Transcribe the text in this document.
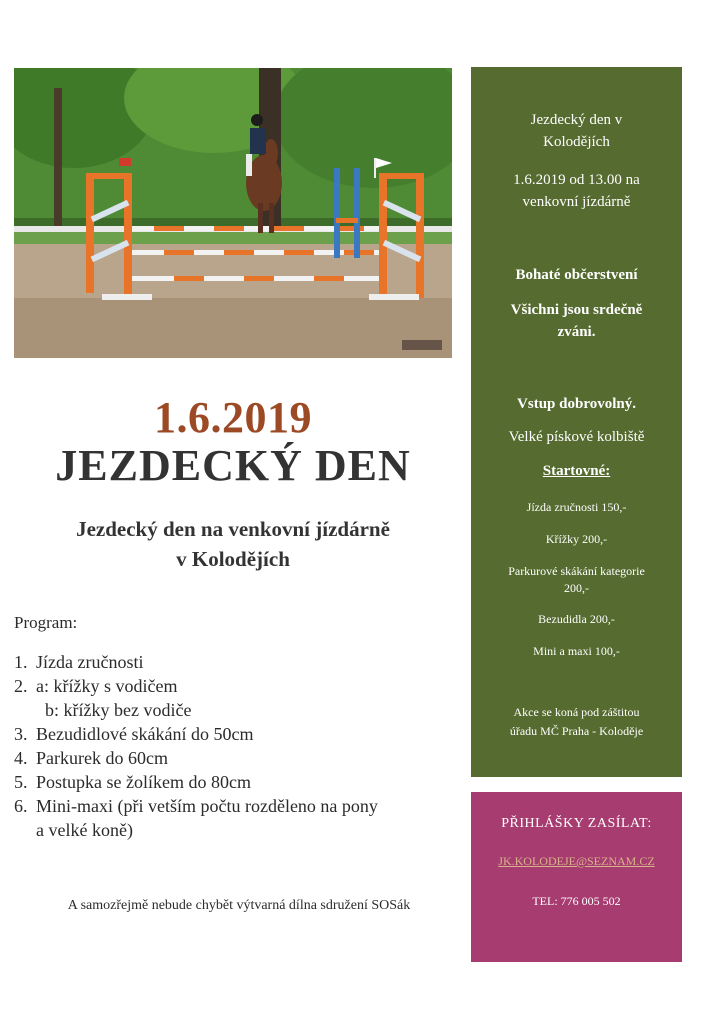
1.6.2019
JEZDECKÝ DEN
Jezdecký den na venkovní jízdárně
v Kolodějích
Program:
1. Jízda zručnosti
2. a: křížky s vodičem
b: křížky bez vodiče
3. Bezudidlové skákání do 50cm
4. Parkurek do 60cm
5. Postupka se žolíkem do 80cm
6. Mini-maxi (při vetším počtu rozděleno na pony
a velké koně)
A samozřejmě nebude chybět výtvarná dílna sdružení SOSák
Jezdecký den v
Kolodějích
1.6.2019 od 13.00 na
venkovní jízdárně
Bohaté občerstvení
Všichni jsou srdečně
zváni.
Vstup dobrovolný.
Velké pískové kolbiště
Startovné:
Jízda zručnosti 150,-
Křížky 200,-
Parkurové skákání kategorie
200,-
Bezudidla 200,-
Mini a maxi 100,-
Akce se koná pod záštitou
úřadu MČ Praha - Koloděje
PŘIHLÁŠKY ZASÍLAT:
JK.KOLODEJE@SEZNAM.CZ
TEL: 776 005 502
